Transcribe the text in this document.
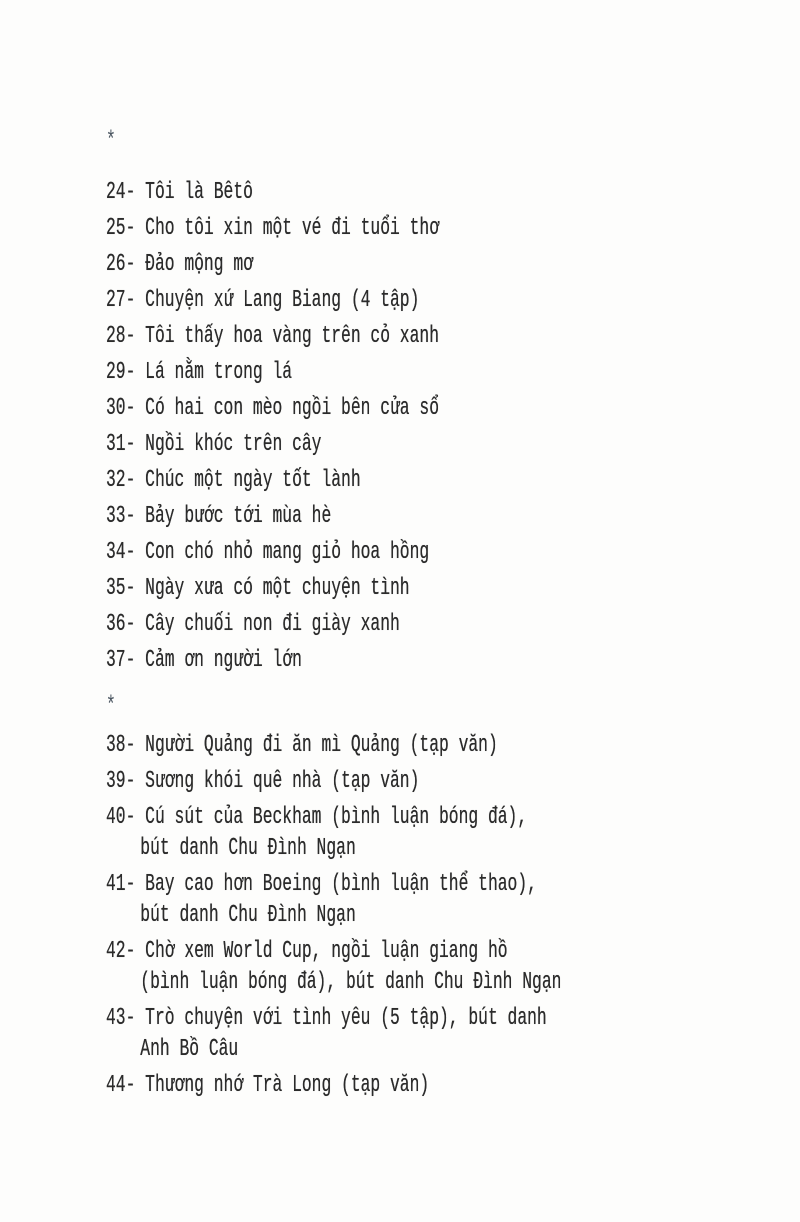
*
24- Tôi là Bêtô
25- Cho tôi xin một vé đi tuổi thơ
26- Đảo mộng mơ
27- Chuyện xứ Lang Biang (4 tập)
28- Tôi thấy hoa vàng trên cỏ xanh
29- Lá nằm trong lá
30- Có hai con mèo ngồi bên cửa sổ
31- Ngồi khóc trên cây
32- Chúc một ngày tốt lành
33- Bảy bước tới mùa hè
34- Con chó nhỏ mang giỏ hoa hồng
35- Ngày xưa có một chuyện tình
36- Cây chuối non đi giày xanh
37- Cảm ơn người lớn
*
38- Người Quảng đi ăn mì Quảng (tạp văn)
39- Sương khói quê nhà (tạp văn)
40- Cú sút của Beckham (bình luận bóng đá),
bút danh Chu Đình Ngạn
41- Bay cao hơn Boeing (bình luận thể thao),
bút danh Chu Đình Ngạn
42- Chờ xem World Cup, ngồi luận giang hồ
(bình luận bóng đá), bút danh Chu Đình Ngạn
43- Trò chuyện với tình yêu (5 tập), bút danh
Anh Bồ Câu
44- Thương nhớ Trà Long (tạp văn)
